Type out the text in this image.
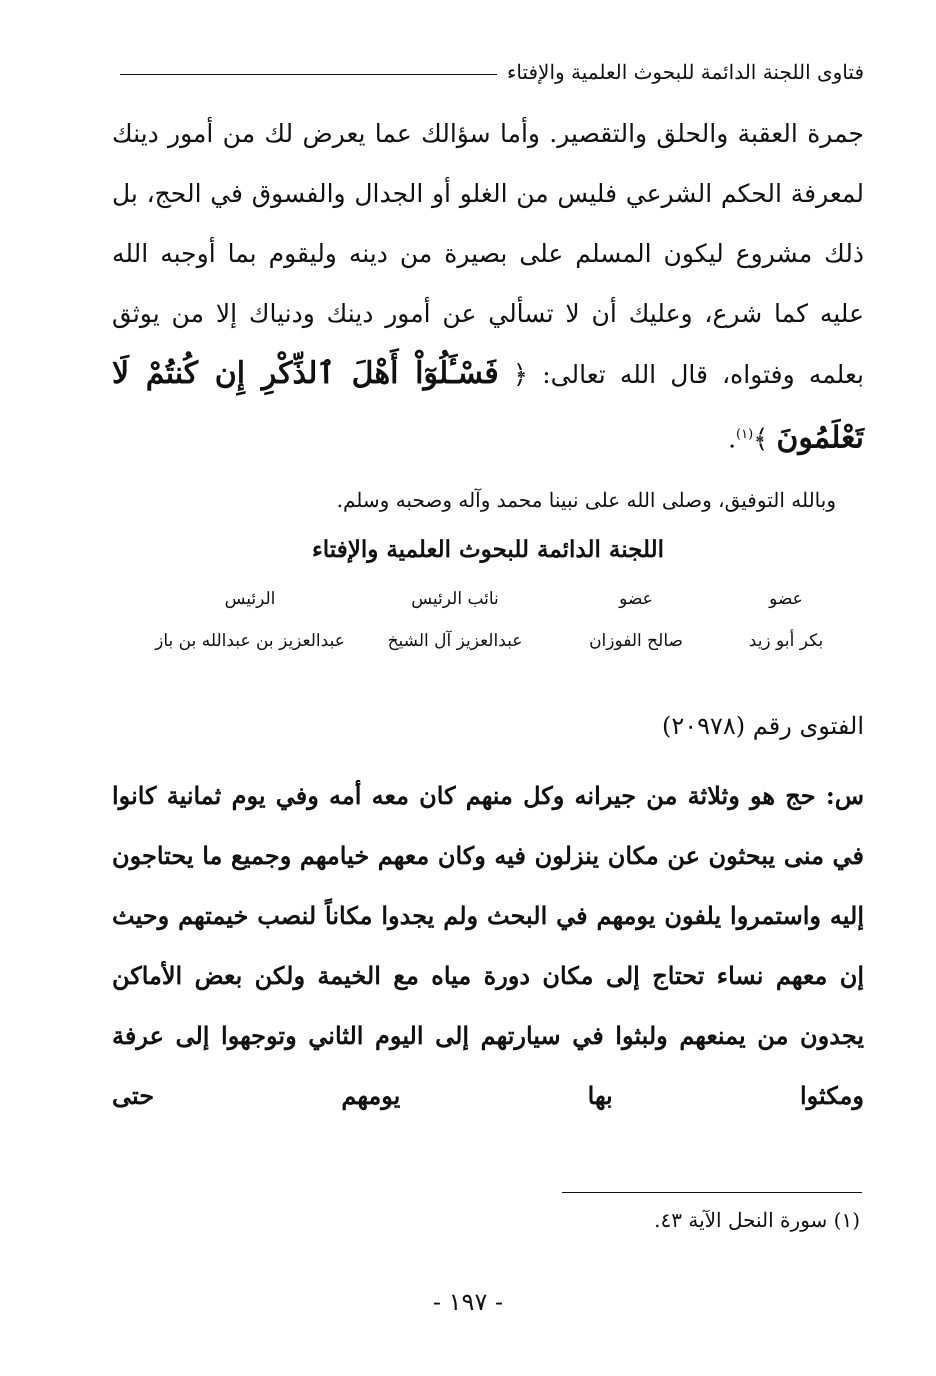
فتاوى اللجنة الدائمة للبحوث العلمية والإفتاء
جمرة العقبة والحلق والتقصير. وأما سؤالك عما يعرض لك من أمور دينك لمعرفة الحكم الشرعي فليس من الغلو أو الجدال والفسوق في الحج، بل ذلك مشروع ليكون المسلم على بصيرة من دينه وليقوم بما أوجبه الله عليه كما شرع، وعليك أن لا تسألي عن أمور دينك ودنياك إلا من يوثق بعلمه وفتواه، قال الله تعالى: ﴿ فَسْـَٔلُوٓاْ أَهْلَ ٱلذِّكْرِ إِن كُنتُمْ لَا تَعْلَمُونَ ﴾$^{(١)}$.
وبالله التوفيق، وصلى الله على نبينا محمد وآله وصحبه وسلم.
اللجنة الدائمة للبحوث العلمية والإفتاء
عضو
بكر أبو زيد
عضو
صالح الفوزان
نائب الرئيس
عبدالعزيز آل الشيخ
الرئيس
عبدالعزيز بن عبدالله بن باز
الفتوى رقم (٢٠٩٧٨)
س: حج هو وثلاثة من جيرانه وكل منهم كان معه أمه وفي يوم ثمانية كانوا في منى يبحثون عن مكان ينزلون فيه وكان معهم خيامهم وجميع ما يحتاجون إليه واستمروا يلفون يومهم في البحث ولم يجدوا مكاناً لنصب خيمتهم وحيث إن معهم نساء تحتاج إلى مكان دورة مياه مع الخيمة ولكن بعض الأماكن يجدون من يمنعهم ولبثوا في سيارتهم إلى اليوم الثاني وتوجهوا إلى عرفة ومكثوا بها يومهم حتى
(١) سورة النحل الآية ٤٣.
- ١٩٧ -
